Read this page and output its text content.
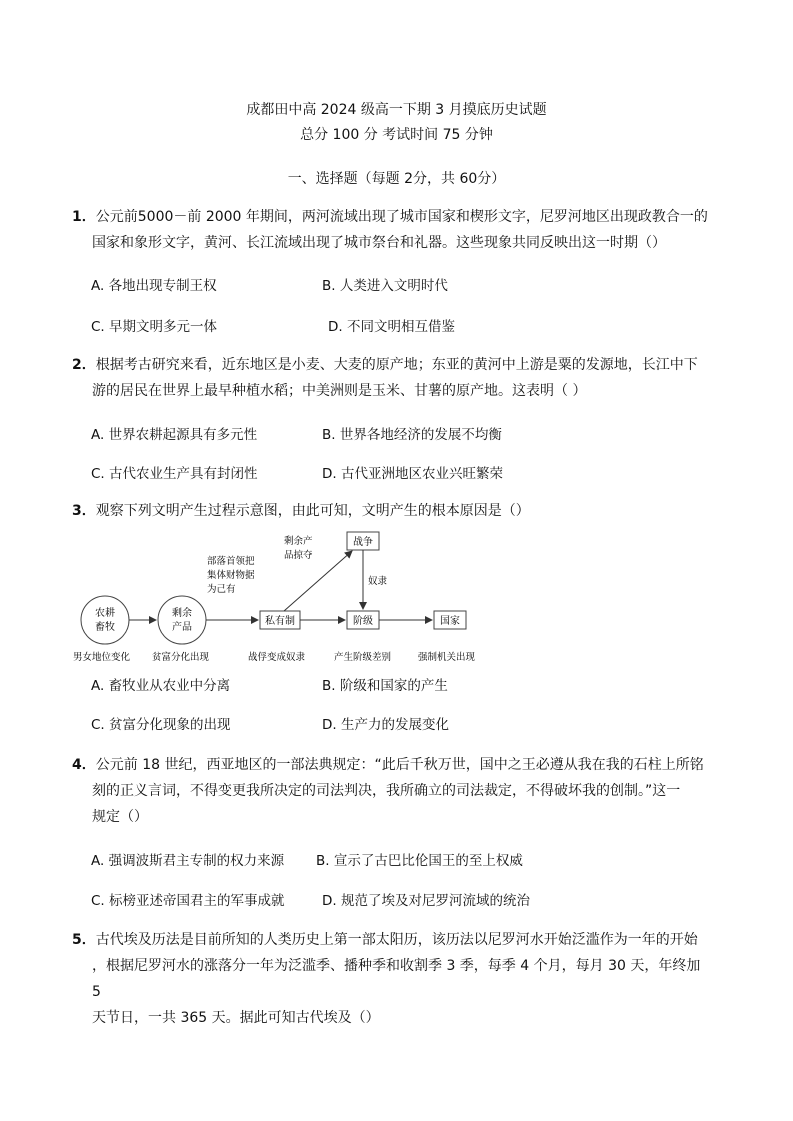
成都田中高 2024 级高一下期 3 月摸底历史试题
总分 100 分 考试时间 75 分钟
一、选择题（每题 2分，共 60分）
1．公元前5000－前 2000 年期间，两河流域出现了城市国家和楔形文字，尼罗河地区出现政教合一的
国家和象形文字，黄河、长江流域出现了城市祭台和礼器。这些现象共同反映出这一时期（）
A. 各地出现专制王权	B. 人类进入文明时代
C. 早期文明多元一体	D. 不同文明相互借鉴
2．根据考古研究来看，近东地区是小麦、大麦的原产地；东亚的黄河中上游是粟的发源地，长江中下
游的居民在世界上最早种植水稻；中美洲则是玉米、甘薯的原产地。这表明（ ）
A. 世界农耕起源具有多元性	B. 世界各地经济的发展不均衡
C. 古代农业生产具有封闭性	D. 古代亚洲地区农业兴旺繁荣
3．观察下列文明产生过程示意图，由此可知，文明产生的根本原因是（）
农耕
畜牧
剩余
产品
私有制
战争
阶级	国家
部落首领把
集体财物据
为己有
剩余产
品掠夺
奴隶
男女地位变化 贫富分化出现	战俘变成奴隶	产生阶级差别	强制机关出现
A. 畜牧业从农业中分离	B. 阶级和国家的产生
C. 贫富分化现象的出现	D. 生产力的发展变化
4．公元前 18 世纪，西亚地区的一部法典规定：“此后千秋万世，国中之王必遵从我在我的石柱上所铭
刻的正义言词，不得变更我所决定的司法判决，我所确立的司法裁定，不得破坏我的创制。”这一
规定（）
A. 强调波斯君主专制的权力来源 B. 宣示了古巴比伦国王的至上权威
C. 标榜亚述帝国君主的军事成就	D. 规范了埃及对尼罗河流域的统治
5．古代埃及历法是目前所知的人类历史上第一部太阳历，该历法以尼罗河水开始泛滥作为一年的开始
，根据尼罗河水的涨落分一年为泛滥季、播种季和收割季 3 季，每季 4 个月，每月 30 天，年终加 5
天节日，一共 365 天。据此可知古代埃及（）
